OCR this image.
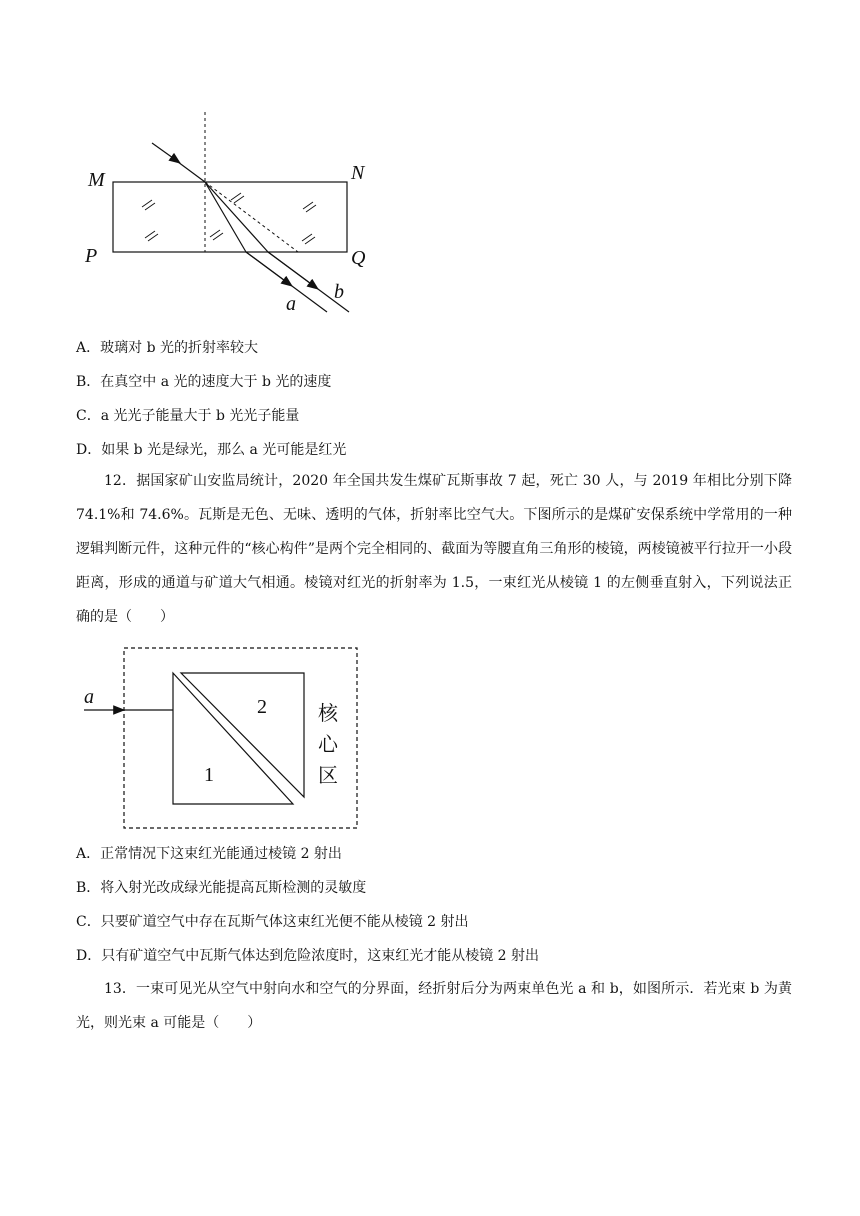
M	N
P	Q
a
b
A．玻璃对 b 光的折射率较大
B．在真空中 a 光的速度大于 b 光的速度
C．a 光光子能量大于 b 光光子能量
D．如果 b 光是绿光，那么 a 光可能是红光
12．据国家矿山安监局统计，2020 年全国共发生煤矿瓦斯事故 7 起，死亡 30 人，与 2019 年相比分别下降 74.1%和 74.6%。瓦斯是无色、无味、透明的气体，折射率比空气大。下图所示的是煤矿安保系统中学常用的一种逻辑判断元件，这种元件的“核心构件”是两个完全相同的、截面为等腰直角三角形的棱镜，两棱镜被平行拉开一小段距离，形成的通道与矿道大气相通。棱镜对红光的折射率为 1.5，一束红光从棱镜 1 的左侧垂直射入，下列说法正确的是（　　）
a
1
2	核
心
区
A．正常情况下这束红光能通过棱镜 2 射出
B．将入射光改成绿光能提高瓦斯检测的灵敏度
C．只要矿道空气中存在瓦斯气体这束红光便不能从棱镜 2 射出
D．只有矿道空气中瓦斯气体达到危险浓度时，这束红光才能从棱镜 2 射出
13．一束可见光从空气中射向水和空气的分界面，经折射后分为两束单色光 a 和 b，如图所示．若光束 b 为黄光，则光束 a 可能是（　　）
